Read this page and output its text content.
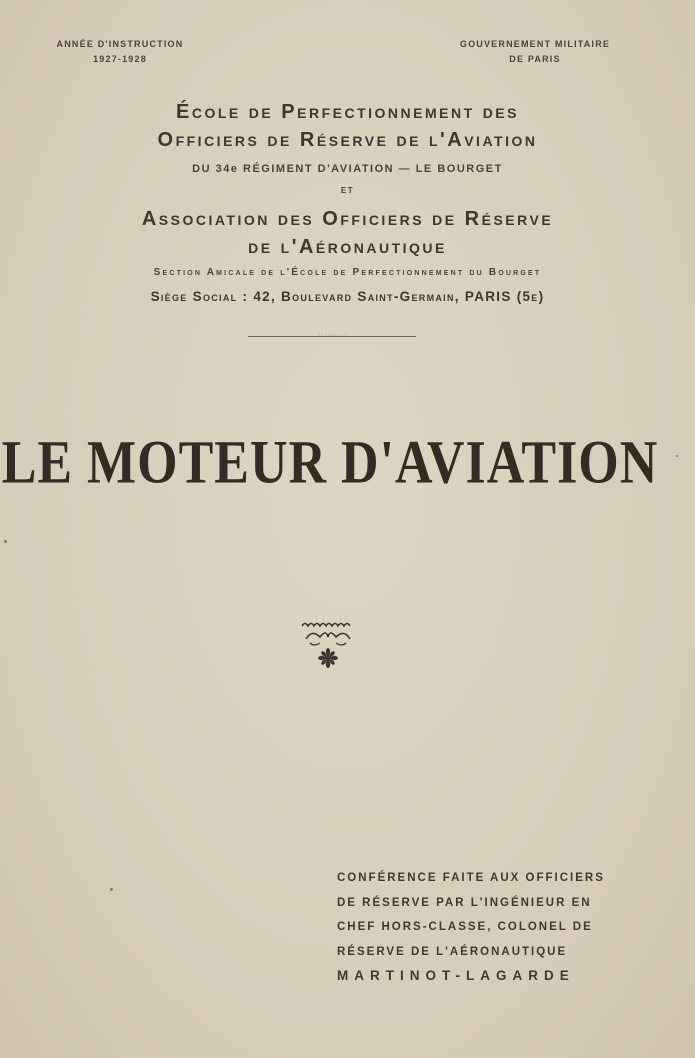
ANNÉE D'INSTRUCTION
1927-1928
GOUVERNEMENT MILITAIRE
DE PARIS
École de Perfectionnement des
Officiers de Réserve de l'Aviation
DU 34e RÉGIMENT D'AVIATION — LE BOURGET
ET
Association des Officiers de Réserve
de l'Aéronautique
Section Amicale de l'École de Perfectionnement du Bourget
Siège Social : 42, Boulevard Saint-Germain, PARIS (5e)
·········
LE MOTEUR D'AVIATION
CONFÉRENCE FAITE AUX OFFICIERS
DE RÉSERVE PAR L'INGÉNIEUR EN
CHEF HORS-CLASSE, COLONEL DE
RÉSERVE DE L'AÉRONAUTIQUE
MARTINOT-LAGARDE
